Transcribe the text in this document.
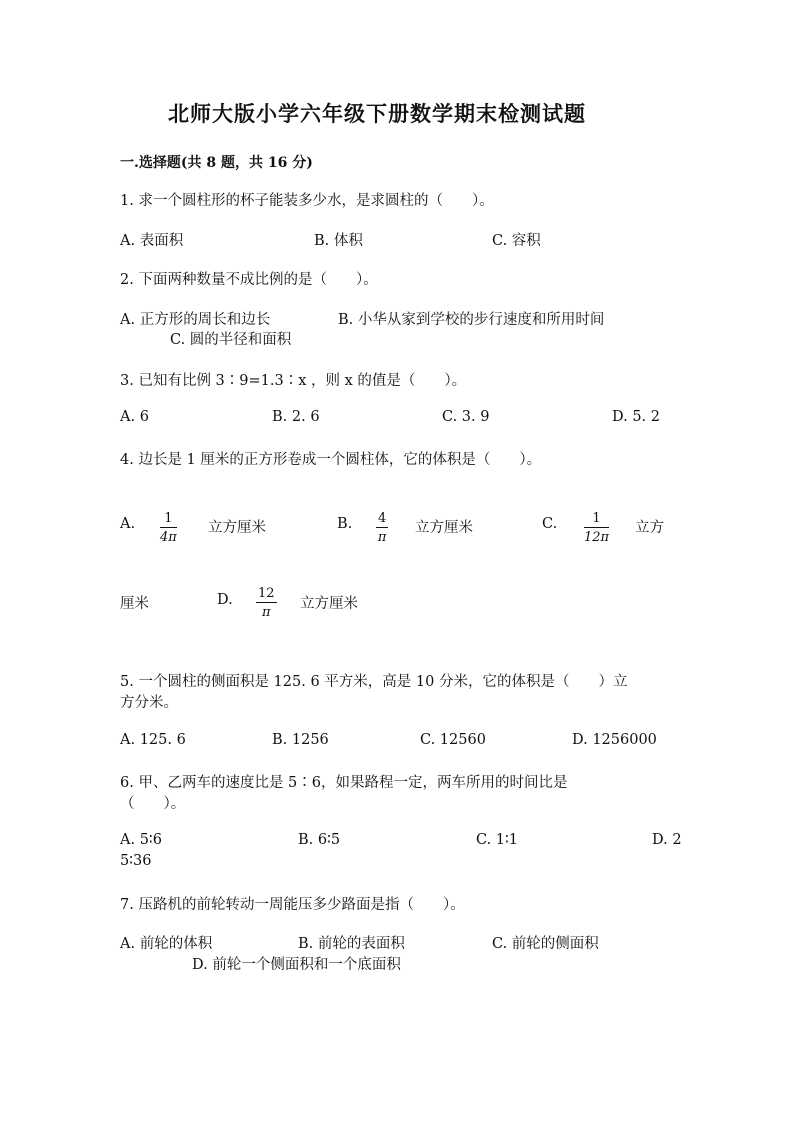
北师大版小学六年级下册数学期末检测试题
一.选择题(共 8 题，共 16 分)
1. 求一个圆柱形的杯子能装多少水，是求圆柱的（　　）。
A. 表面积	B. 体积	C. 容积
2. 下面两种数量不成比例的是（　　）。
A. 正方形的周长和边长	B. 小华从家到学校的步行速度和所用时间
C. 圆的半径和面积
3. 已知有比例 3∶9=1.3∶x ，则 x 的值是（　　）。
A. 6	B. 2. 6	C. 3. 9	D. 5. 2
4. 边长是 1 厘米的正方形卷成一个圆柱体，它的体积是（　　）。
A. $\frac{1}{4\pi}$ 立方厘米	B. $\frac{4}{\pi}$ 立方厘米	C. $\frac{1}{12\pi}$ 立方
厘米	D. $\frac{12}{\pi}$ 立方厘米
5. 一个圆柱的侧面积是 125. 6 平方米，高是 10 分米，它的体积是（　　）立
方分米。
A. 125. 6	B. 1256	C. 12560	D. 1256000
6. 甲、乙两车的速度比是 5∶6，如果路程一定，两车所用的时间比是
（　　）。
A. 5∶6	B. 6∶5	C. 1∶1	D. 2
5∶36
7. 压路机的前轮转动一周能压多少路面是指（　　）。
A. 前轮的体积	B. 前轮的表面积	C. 前轮的侧面积
D. 前轮一个侧面积和一个底面积
